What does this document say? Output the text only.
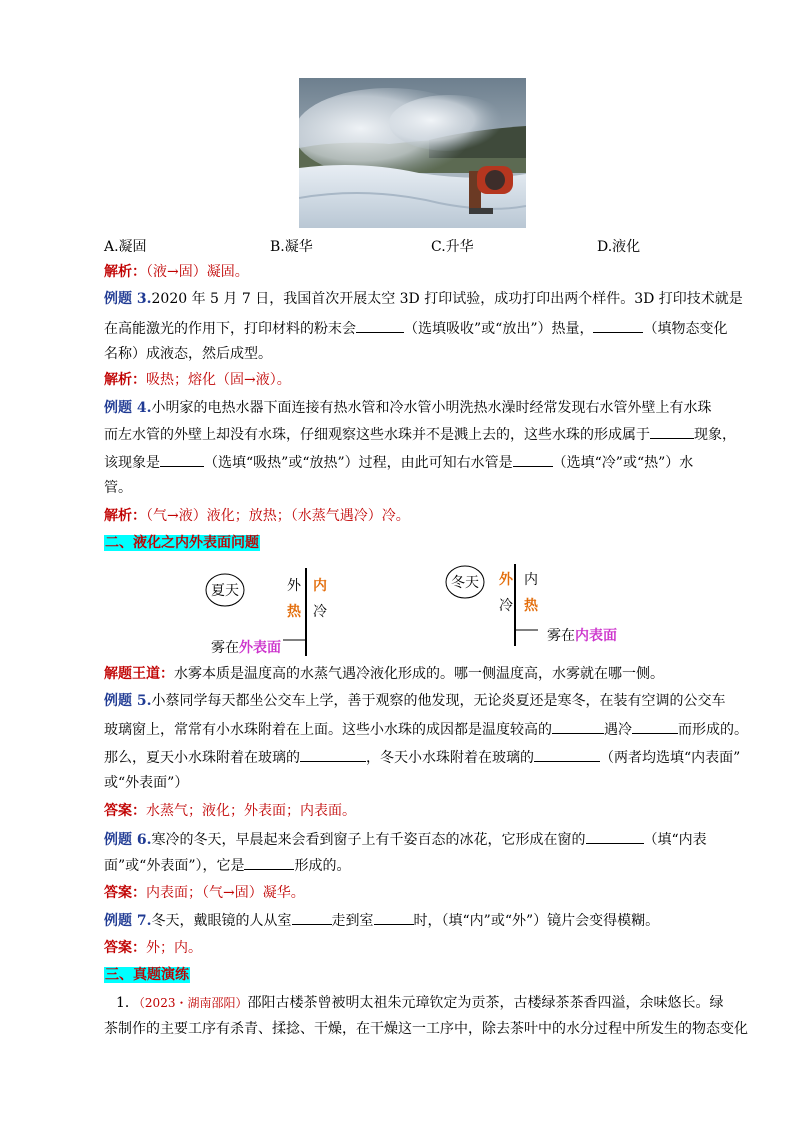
A.凝固	B.凝华	C.升华	D.液化
解析：（液→固）凝固。
例题 3.2020 年 5 月 7 日，我国首次开展太空 3D 打印试验，成功打印出两个样件。3D 打印技术就是
在高能激光的作用下，打印材料的粉末会	（选填吸收”或“放出”）热量，	（填物态变化
名称）成液态，然后成型。
解析：吸热；熔化（固→液）。
例题 4.小明家的电热水器下面连接有热水管和冷水管小明洗热水澡时经常发现右水管外壁上有水珠
而左水管的外壁上却没有水珠，仔细观察这些水珠并不是溅上去的，这些水珠的形成属于	现象，
该现象是	（选填“吸热”或“放热”）过程，由此可知右水管是	（选填“冷”或“热”）水
管。
解析：（气→液）液化；放热；（水蒸气遇冷）冷。
二、液化之内外表面问题
夏天	外 内
热 冷
雾在 外表面
冬天 外 内
冷 热
雾在 内表面
解题王道：水雾本质是温度高的水蒸气遇冷液化形成的。哪一侧温度高，水雾就在哪一侧。
例题 5.小蔡同学每天都坐公交车上学，善于观察的他发现，无论炎夏还是寒冬，在装有空调的公交车
玻璃窗上，常常有小水珠附着在上面。这些小水珠的成因都是温度较高的	遇冷	而形成的。
那么，夏天小水珠附着在玻璃的	，冬天小水珠附着在玻璃的	（两者均选填“内表面”
或“外表面”）
答案：水蒸气；液化；外表面；内表面。
例题 6.寒冷的冬天，早晨起来会看到窗子上有千姿百态的冰花，它形成在窗的	（填“内表
面”或“外表面”），它是	形成的。
答案：内表面；（气→固）凝华。
例题 7.冬天，戴眼镜的人从室	走到室	时，（填“内”或“外”）镜片会变得模糊。
答案：外；内。
三、真题演练
1．（2023・湖南邵阳）邵阳古楼茶曾被明太祖朱元璋钦定为贡茶，古楼绿茶茶香四溢，余味悠长。绿
茶制作的主要工序有杀青、揉捻、干燥，在干燥这一工序中，除去茶叶中的水分过程中所发生的物态变化
